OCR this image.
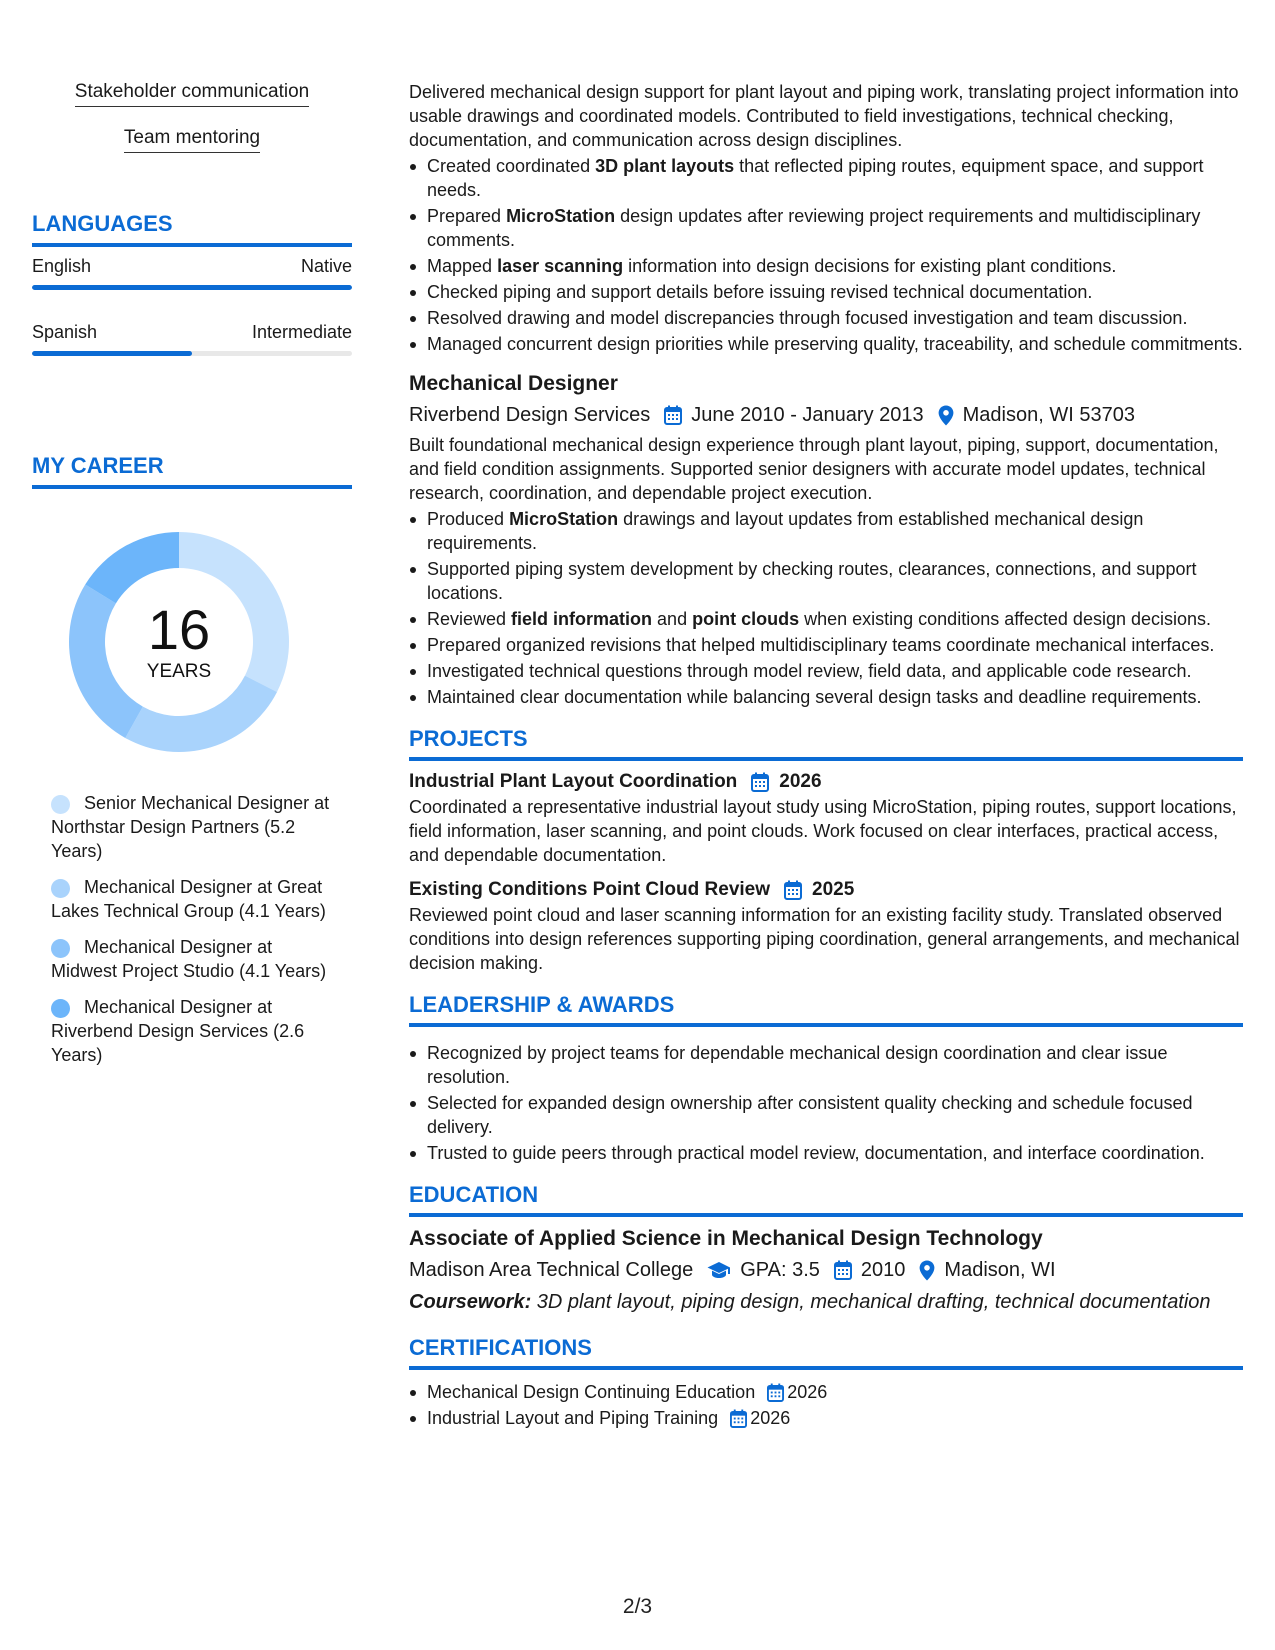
Stakeholder communication
Team mentoring
LANGUAGES
English	Native
Spanish	Intermediate
MY CAREER
16
YEARS
Senior Mechanical Designer at Northstar Design Partners (5.2 Years)
Mechanical Designer at Great Lakes Technical Group (4.1 Years)
Mechanical Designer at Midwest Project Studio (4.1 Years)
Mechanical Designer at Riverbend Design Services (2.6 Years)

Delivered mechanical design support for plant layout and piping work, translating project information into usable drawings and coordinated models. Contributed to field investigations, technical checking, documentation, and communication across design disciplines.

Created coordinated 3D plant layouts that reflected piping routes, equipment space, and support needs.
Prepared MicroStation design updates after reviewing project requirements and multidisciplinary comments.
Mapped laser scanning information into design decisions for existing plant conditions.
Checked piping and support details before issuing revised technical documentation.
Resolved drawing and model discrepancies through focused investigation and team discussion.
Managed concurrent design priorities while preserving quality, traceability, and schedule commitments.
Mechanical Designer
Riverbend Design Services June 2010 - January 2013 Madison, WI 53703

Built foundational mechanical design experience through plant layout, piping, support, documentation, and field condition assignments. Supported senior designers with accurate model updates, technical research, coordination, and dependable project execution.

Produced MicroStation drawings and layout updates from established mechanical design requirements.
Supported piping system development by checking routes, clearances, connections, and support locations.
Reviewed field information and point clouds when existing conditions affected design decisions.
Prepared organized revisions that helped multidisciplinary teams coordinate mechanical interfaces.
Investigated technical questions through model review, field data, and applicable code research.
Maintained clear documentation while balancing several design tasks and deadline requirements.
PROJECTS
Industrial Plant Layout Coordination 2026

Coordinated a representative industrial layout study using MicroStation, piping routes, support locations, field information, laser scanning, and point clouds. Work focused on clear interfaces, practical access, and dependable documentation.

Existing Conditions Point Cloud Review 2025

Reviewed point cloud and laser scanning information for an existing facility study. Translated observed conditions into design references supporting piping coordination, general arrangements, and mechanical decision making.

LEADERSHIP & AWARDS
Recognized by project teams for dependable mechanical design coordination and clear issue resolution.
Selected for expanded design ownership after consistent quality checking and schedule focused delivery.
Trusted to guide peers through practical model review, documentation, and interface coordination.
EDUCATION
Associate of Applied Science in Mechanical Design Technology
Madison Area Technical College GPA: 3.5 2010 Madison, WI
Coursework: 3D plant layout, piping design, mechanical drafting, technical documentation
CERTIFICATIONS
Mechanical Design Continuing Education 2026
Industrial Layout and Piping Training 2026
2/3
